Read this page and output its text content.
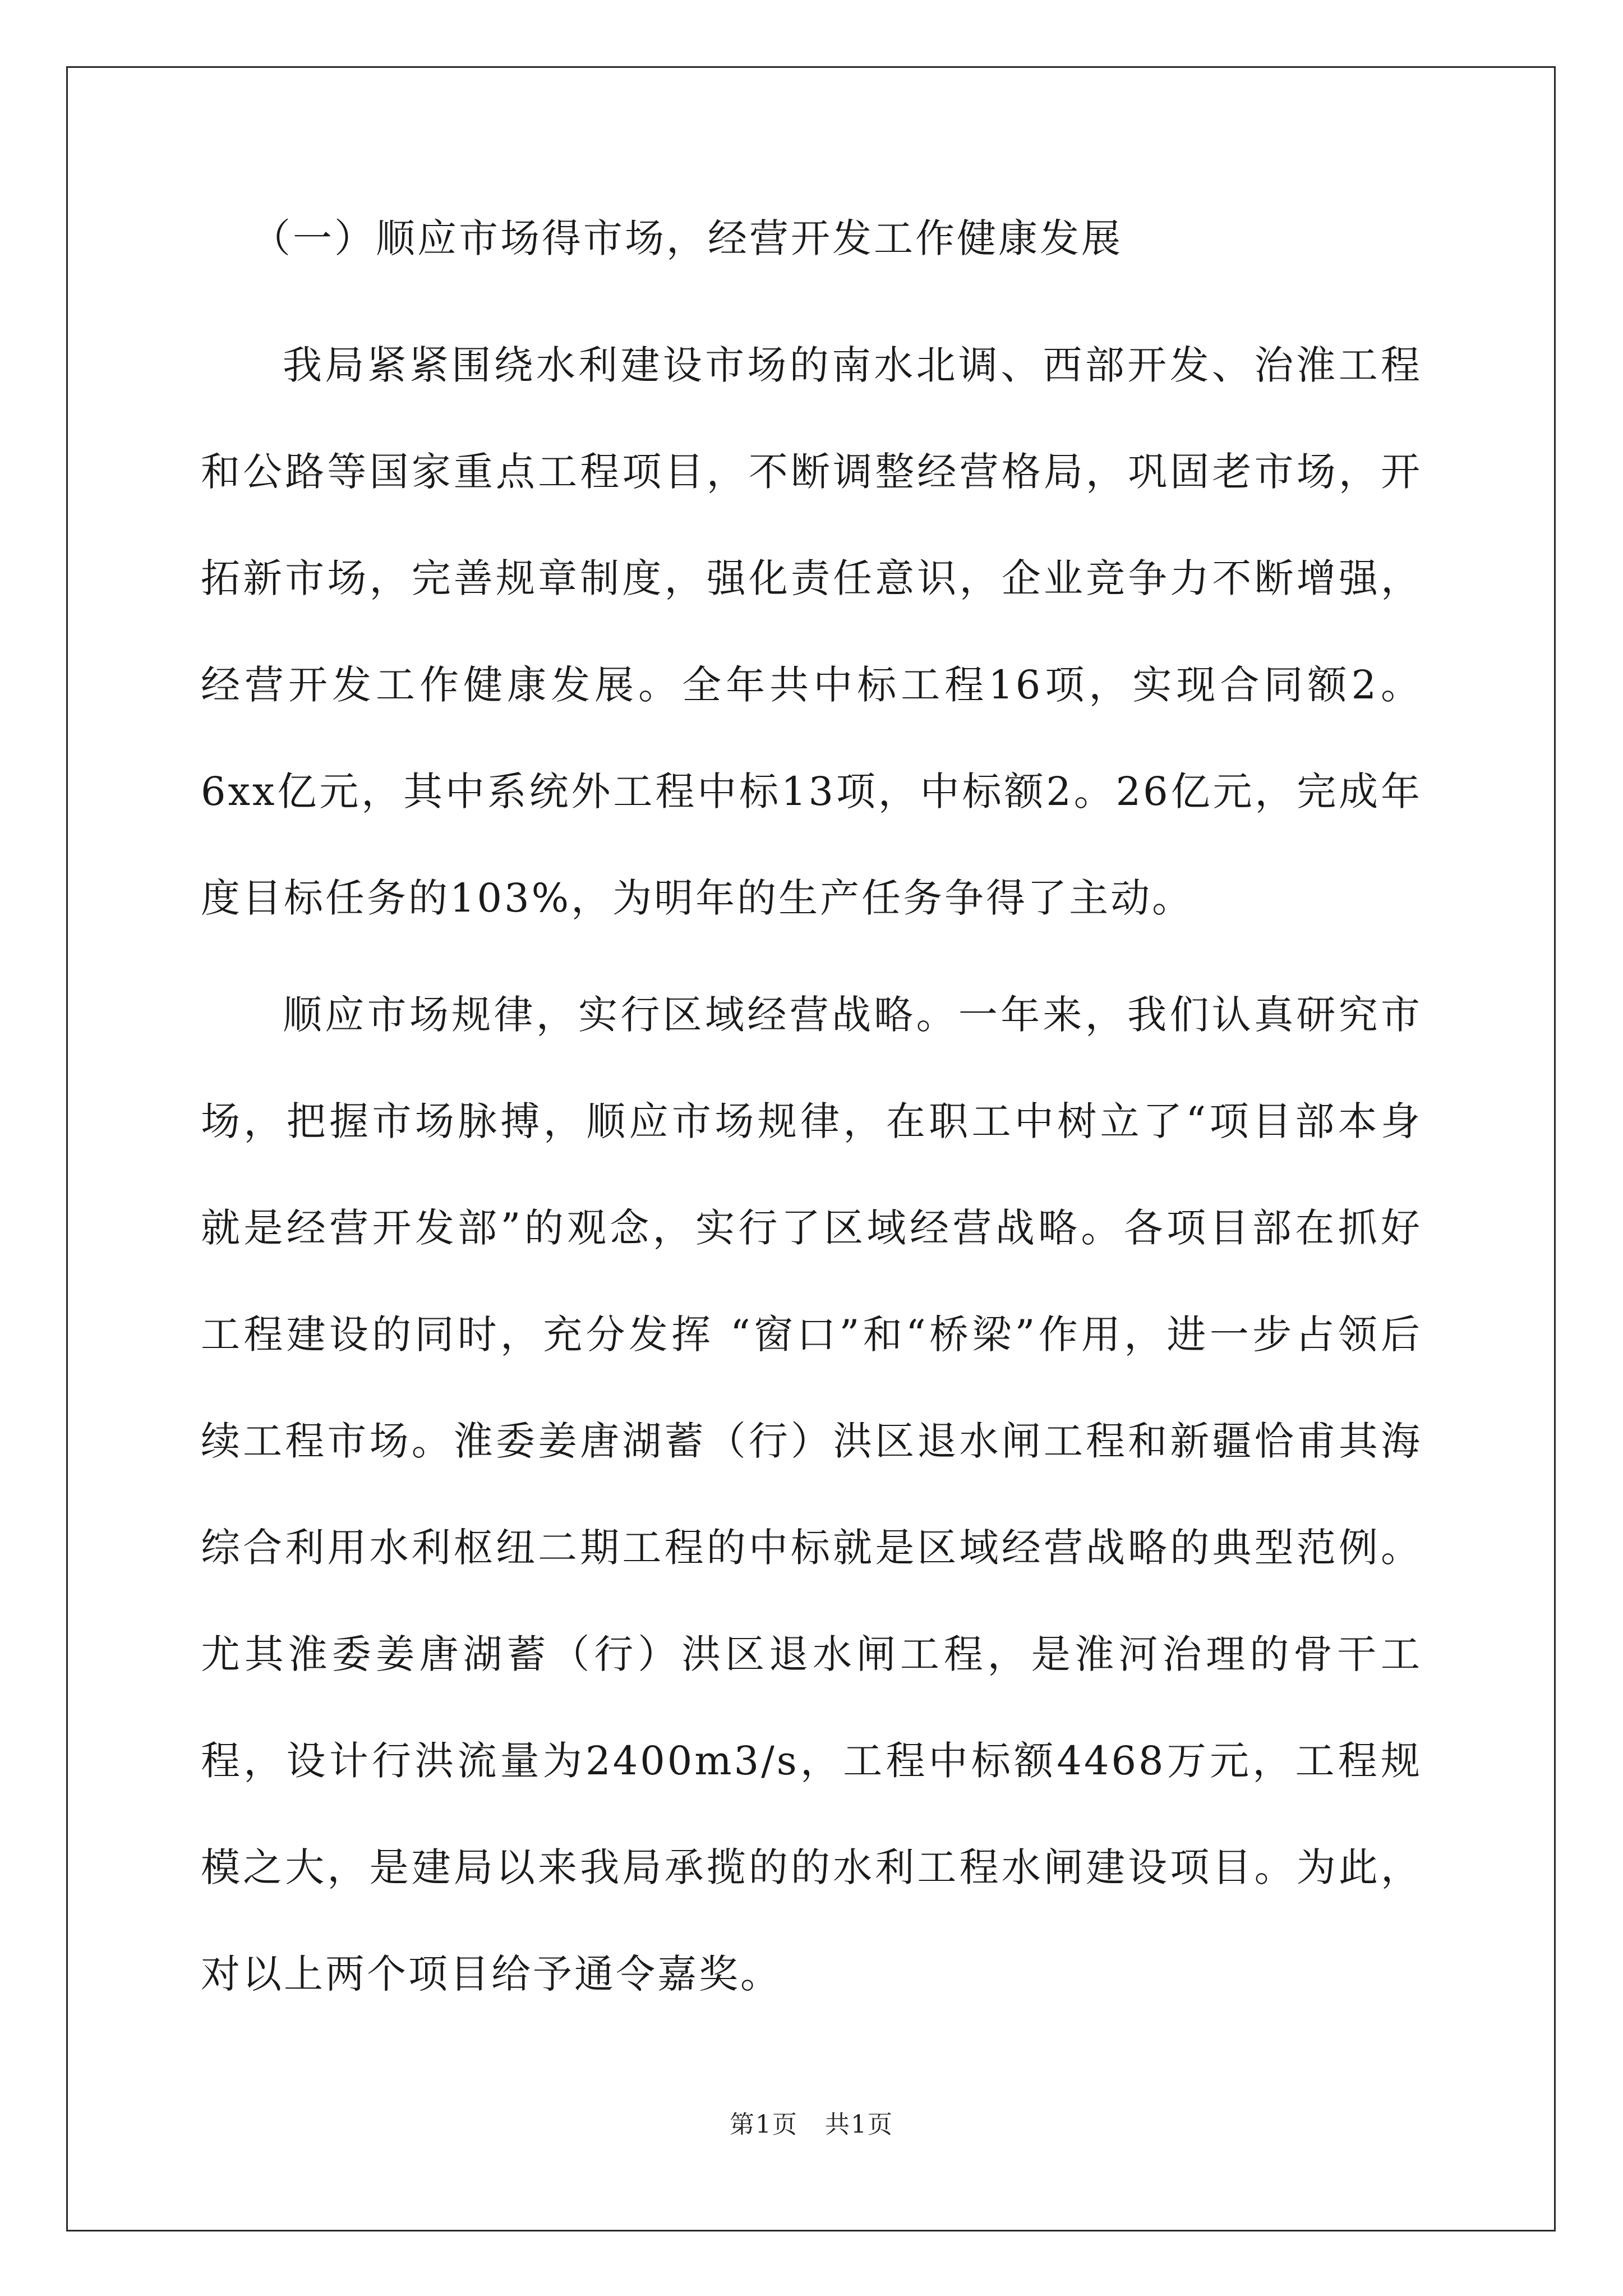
（一）顺应市场得市场，经营开发工作健康发展

我局紧紧围绕水利建设市场的南水北调、西部开发、治淮工程和公路等国家重点工程项目，不断调整经营格局，巩固老市场，开拓新市场，完善规章制度，强化责任意识，企业竞争力不断增强，经营开发工作健康发展。全年共中标工程16项，实现合同额2。6xx亿元，其中系统外工程中标13项，中标额2。26亿元，完成年度目标任务的103%，为明年的生产任务争得了主动。

顺应市场规律，实行区域经营战略。一年来，我们认真研究市场，把握市场脉搏，顺应市场规律，在职工中树立了“项目部本身就是经营开发部”的观念，实行了区域经营战略。各项目部在抓好工程建设的同时，充分发挥 “窗口”和“桥梁”作用，进一步占领后续工程市场。淮委姜唐湖蓄（行）洪区退水闸工程和新疆恰甫其海综合利用水利枢纽二期工程的中标就是区域经营战略的典型范例。尤其淮委姜唐湖蓄（行）洪区退水闸工程，是淮河治理的骨干工程，设计行洪流量为2400m3/s，工程中标额4468万元，工程规模之大，是建局以来我局承揽的的水利工程水闸建设项目。为此，对以上两个项目给予通令嘉奖。

第1页 共1页
